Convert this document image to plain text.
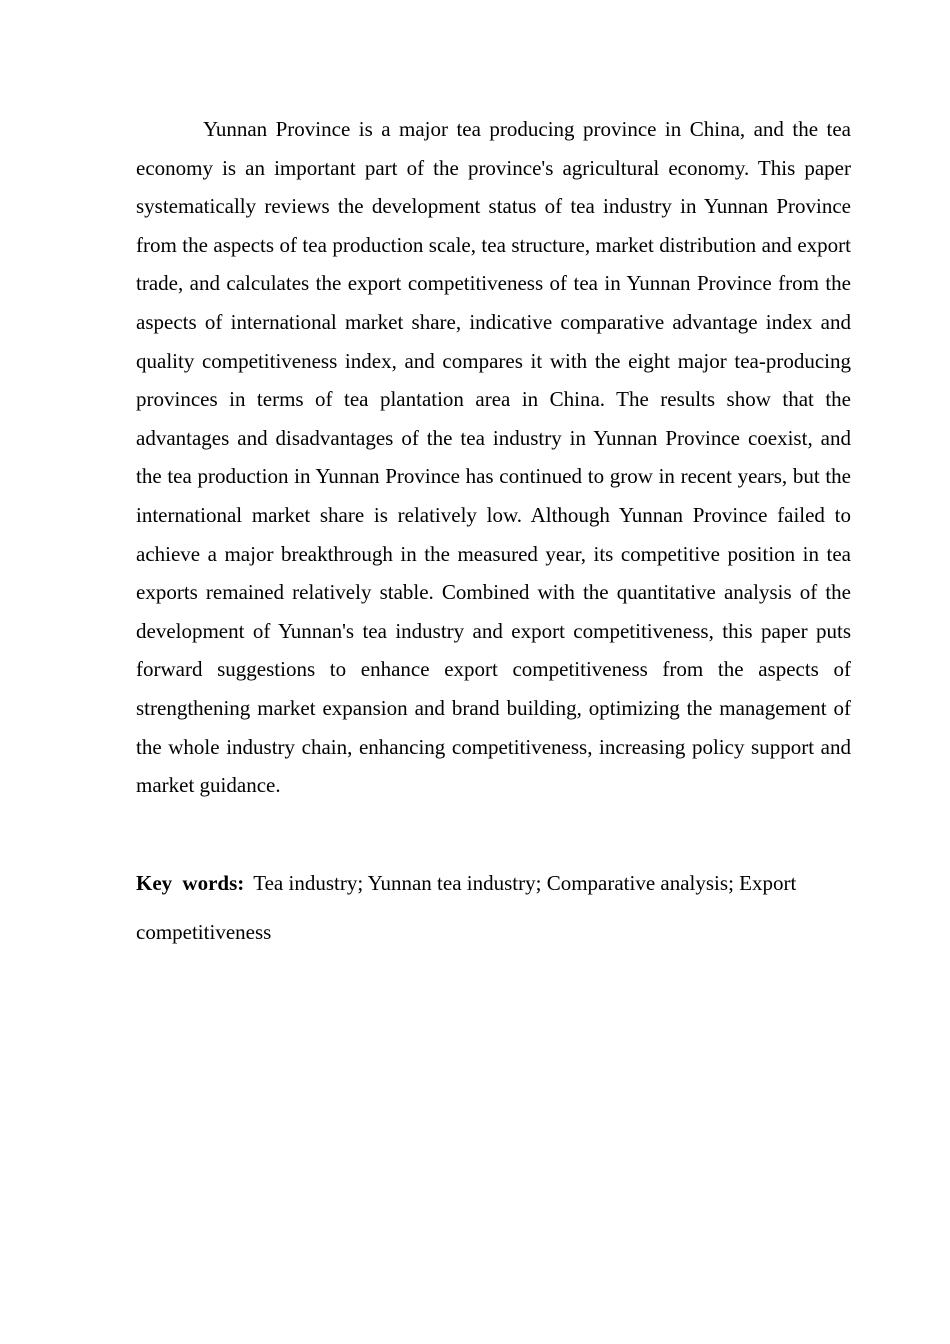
Yunnan Province is a major tea producing province in China, and the tea economy is an important part of the province's agricultural economy. This paper systematically reviews the development status of tea industry in Yunnan Province from the aspects of tea production scale, tea structure, market distribution and export trade, and calculates the export competitiveness of tea in Yunnan Province from the aspects of international market share, indicative comparative advantage index and quality competitiveness index, and compares it with the eight major tea-producing provinces in terms of tea plantation area in China. The results show that the advantages and disadvantages of the tea industry in Yunnan Province coexist, and the tea production in Yunnan Province has continued to grow in recent years, but the international market share is relatively low. Although Yunnan Province failed to achieve a major breakthrough in the measured year, its competitive position in tea exports remained relatively stable. Combined with the quantitative analysis of the development of Yunnan's tea industry and export competitiveness, this paper puts forward suggestions to enhance export competitiveness from the aspects of strengthening market expansion and brand building, optimizing the management of the whole industry chain, enhancing competitiveness, increasing policy support and market guidance.

Key words: Tea industry; Yunnan tea industry; Comparative analysis; Export competitiveness
